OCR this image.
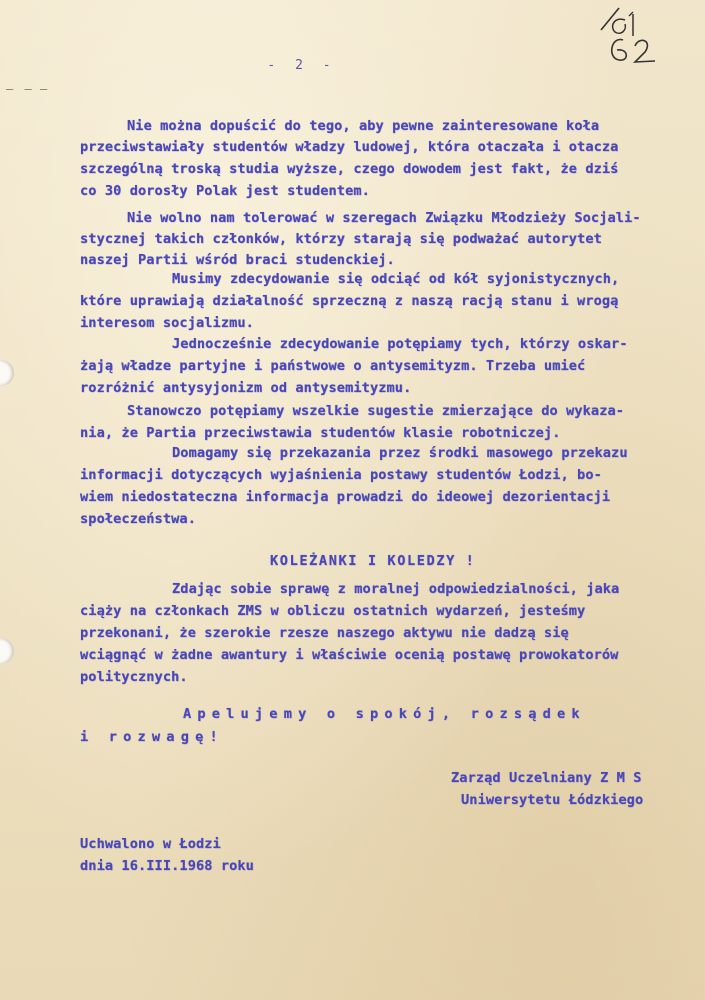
— — —
- 2 -
Nie można dopuścić do tego, aby pewne zainteresowane koła
przeciwstawiały studentów władzy ludowej, która otaczała i otacza
szczególną troską studia wyższe, czego dowodem jest fakt, że dziś
co 30 dorosły Polak jest studentem.
Nie wolno nam tolerować w szeregach Związku Młodzieży Socjali-
stycznej takich członków, którzy starają się podważać autorytet
naszej Partii wśród braci studenckiej.
Musimy zdecydowanie się odciąć od kół syjonistycznych,
które uprawiają działalność sprzeczną z naszą racją stanu i wrogą
interesom socjalizmu.
Jednocześnie zdecydowanie potępiamy tych, którzy oskar-
żają władze partyjne i państwowe o antysemityzm. Trzeba umieć
rozróżnić antysyjonizm od antysemityzmu.
Stanowczo potępiamy wszelkie sugestie zmierzające do wykaza-
nia, że Partia przeciwstawia studentów klasie robotniczej.
Domagamy się przekazania przez środki masowego przekazu
informacji dotyczących wyjaśnienia postawy studentów Łodzi, bo-
wiem niedostateczna informacja prowadzi do ideowej dezorientacji
społeczeństwa.
KOLEŻANKI I KOLEDZY !
Zdając sobie sprawę z moralnej odpowiedzialności, jaka
ciąży na członkach ZMS w obliczu ostatnich wydarzeń, jesteśmy
przekonani, że szerokie rzesze naszego aktywu nie dadzą się
wciągnąć w żadne awantury i właściwie ocenią postawę prowokatorów
politycznych.
Apelujemy o spokój, rozsądek
i rozwagę!
Zarząd Uczelniany Z M S
Uniwersytetu Łódzkiego
Uchwalono w Łodzi
dnia 16.III.1968 roku
